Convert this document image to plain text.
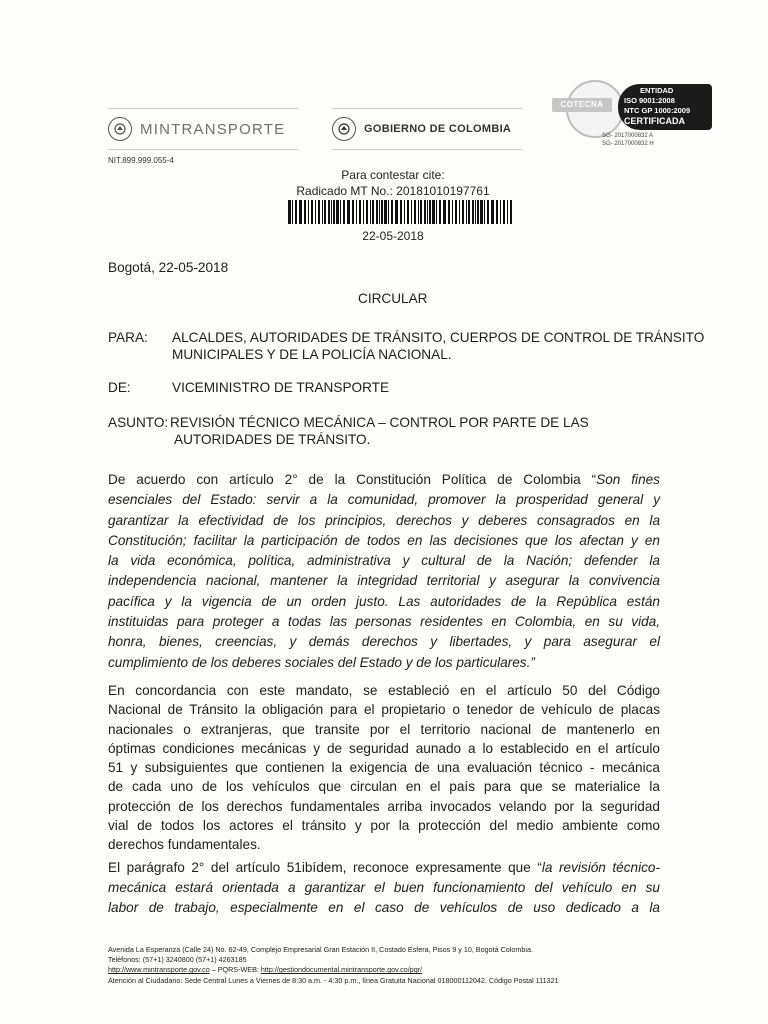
MINTRANSPORTE	GOBIERNO DE COLOMBIA
COTECNA
ENTIDAD
ISO 9001:2008
NTC GP 1000:2009
CERTIFICADA
SG- 2017000832 A
SG- 2017000832 H
NIT.899.999.055-4
Para contestar cite:
Radicado MT No.: 20181010197761
22-05-2018
Bogotá, 22-05-2018
CIRCULAR
PARA: ALCALDES, AUTORIDADES DE TRÁNSITO, CUERPOS DE CONTROL DE TRÁNSITO
MUNICIPALES Y DE LA POLICÍA NACIONAL.
DE:	VICEMINISTRO DE TRANSPORTE
ASUNTO: REVISIÓN TÉCNICO MECÁNICA – CONTROL POR PARTE DE LAS
AUTORIDADES DE TRÁNSITO.
De acuerdo con artículo 2° de la Constitución Política de Colombia “Son fines
esenciales del Estado: servir a la comunidad, promover la prosperidad general y
garantizar la efectividad de los principios, derechos y deberes consagrados en la
Constitución; facilitar la participación de todos en las decisiones que los afectan y en
la vida económica, política, administrativa y cultural de la Nación; defender la
independencia nacional, mantener la integridad territorial y asegurar la convivencia
pacífica y la vigencia de un orden justo. Las autoridades de la República están
instituidas para proteger a todas las personas residentes en Colombia, en su vida,
honra, bienes, creencias, y demás derechos y libertades, y para asegurar el
cumplimiento de los deberes sociales del Estado y de los particulares.”
En concordancia con este mandato, se estableció en el artículo 50 del Código
Nacional de Tránsito la obligación para el propietario o tenedor de vehículo de placas
nacionales o extranjeras, que transite por el territorio nacional de mantenerlo en
óptimas condiciones mecánicas y de seguridad aunado a lo establecido en el artículo
51 y subsiguientes que contienen la exigencia de una evaluación técnico - mecánica
de cada uno de los vehículos que circulan en el país para que se materialice la
protección de los derechos fundamentales arriba invocados velando por la seguridad
vial de todos los actores el tránsito y por la protección del medio ambiente como
derechos fundamentales.
El parágrafo 2° del artículo 51ibídem, reconoce expresamente que “la revisión técnico-
mecánica estará orientada a garantizar el buen funcionamiento del vehículo en su
labor de trabajo, especialmente en el caso de vehículos de uso dedicado a la
Avenida La Esperanza (Calle 24) No. 62-49, Complejo Empresarial Gran Estación II, Costado Esfera, Pisos 9 y 10, Bogotá Colombia.
Teléfonos: (57+1) 3240800 (57+1) 4263185
http://www.mintransporte.gov.co – PQRS-WEB: http://gestiondocumental.mintransporte.gov.co/pqr/
Atención al Ciudadano: Sede Central Lunes a Viernes de 8:30 a.m. - 4:30 p.m., línea Gratuita Nacional 018000112042. Código Postal 111321
